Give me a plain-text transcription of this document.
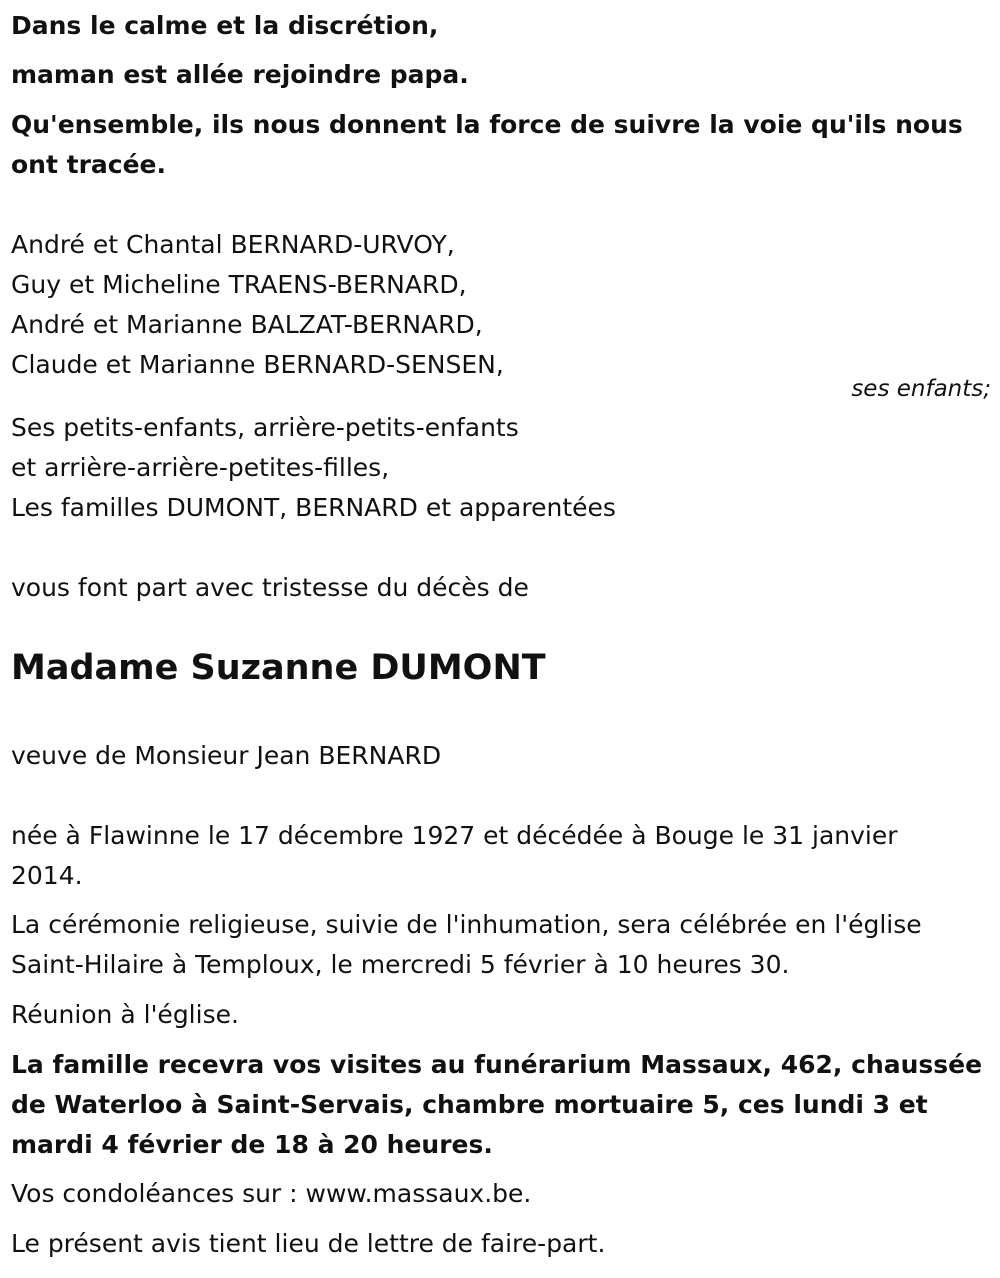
Dans le calme et la discrétion,
maman est allée rejoindre papa.
Qu'ensemble, ils nous donnent la force de suivre la voie qu'ils nous
ont tracée.
André et Chantal BERNARD-URVOY,
Guy et Micheline TRAENS-BERNARD,
André et Marianne BALZAT-BERNARD,
Claude et Marianne BERNARD-SENSEN,
ses enfants;
Ses petits-enfants, arrière-petits-enfants
et arrière-arrière-petites-filles,
Les familles DUMONT, BERNARD et apparentées
vous font part avec tristesse du décès de
Madame Suzanne DUMONT
veuve de Monsieur Jean BERNARD
née à Flawinne le 17 décembre 1927 et décédée à Bouge le 31 janvier
2014.
La cérémonie religieuse, suivie de l'inhumation, sera célébrée en l'église
Saint-Hilaire à Temploux, le mercredi 5 février à 10 heures 30.
Réunion à l'église.
La famille recevra vos visites au funérarium Massaux, 462, chaussée
de Waterloo à Saint-Servais, chambre mortuaire 5, ces lundi 3 et
mardi 4 février de 18 à 20 heures.
Vos condoléances sur : www.massaux.be.
Le présent avis tient lieu de lettre de faire-part.
